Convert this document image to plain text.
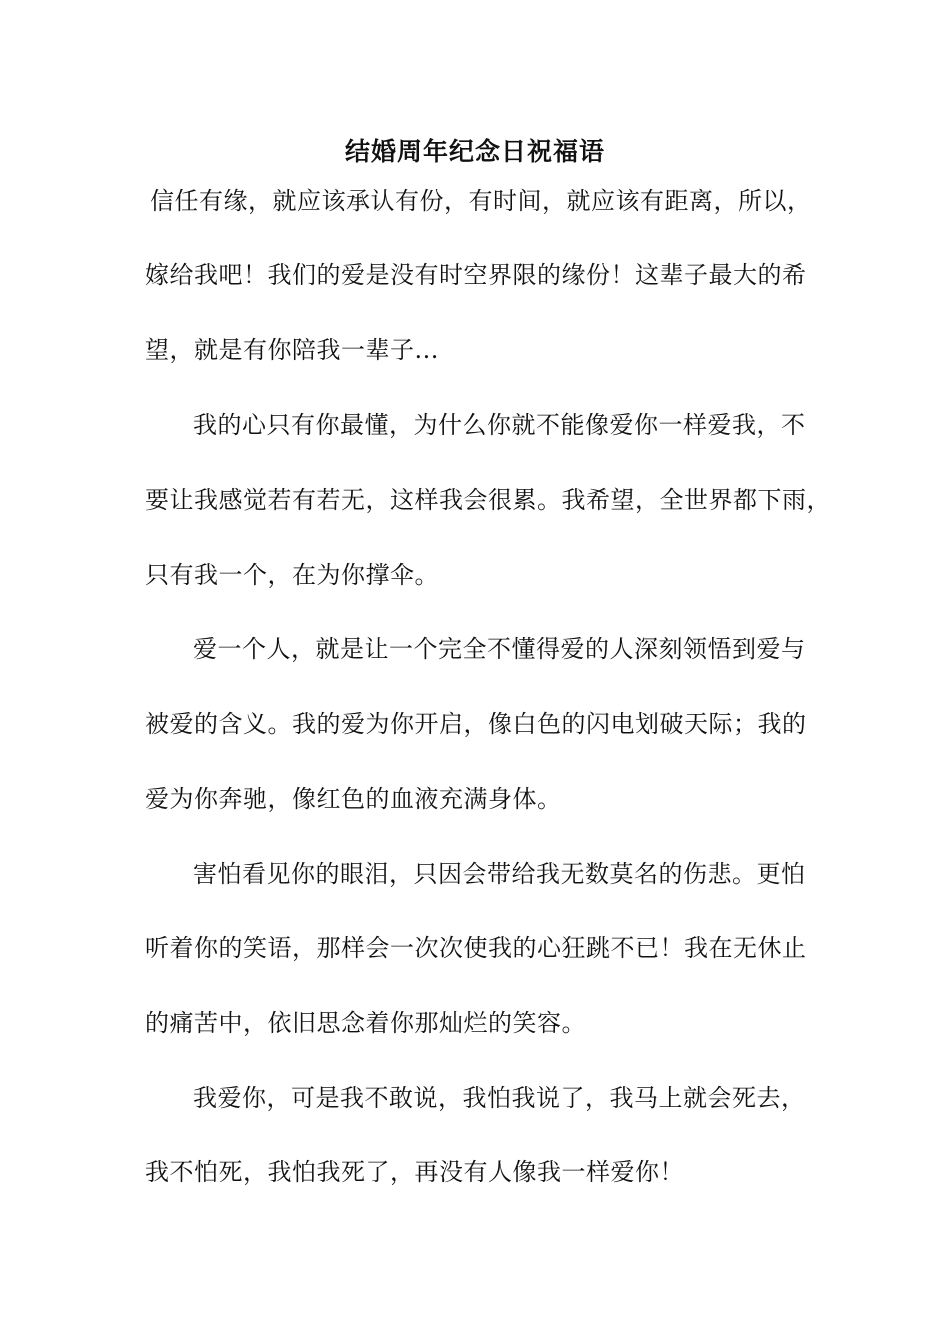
结婚周年纪念日祝福语
信任有缘，就应该承认有份，有时间，就应该有距离，所以，
嫁给我吧！我们的爱是没有时空界限的缘份！这辈子最大的希
望，就是有你陪我一辈子...
我的心只有你最懂，为什么你就不能像爱你一样爱我，不
要让我感觉若有若无，这样我会很累。我希望，全世界都下雨，
只有我一个，在为你撑伞。
爱一个人，就是让一个完全不懂得爱的人深刻领悟到爱与
被爱的含义。我的爱为你开启，像白色的闪电划破天际；我的
爱为你奔驰，像红色的血液充满身体。
害怕看见你的眼泪，只因会带给我无数莫名的伤悲。更怕
听着你的笑语，那样会一次次使我的心狂跳不已！我在无休止
的痛苦中，依旧思念着你那灿烂的笑容。
我爱你，可是我不敢说，我怕我说了，我马上就会死去，
我不怕死，我怕我死了，再没有人像我一样爱你！
